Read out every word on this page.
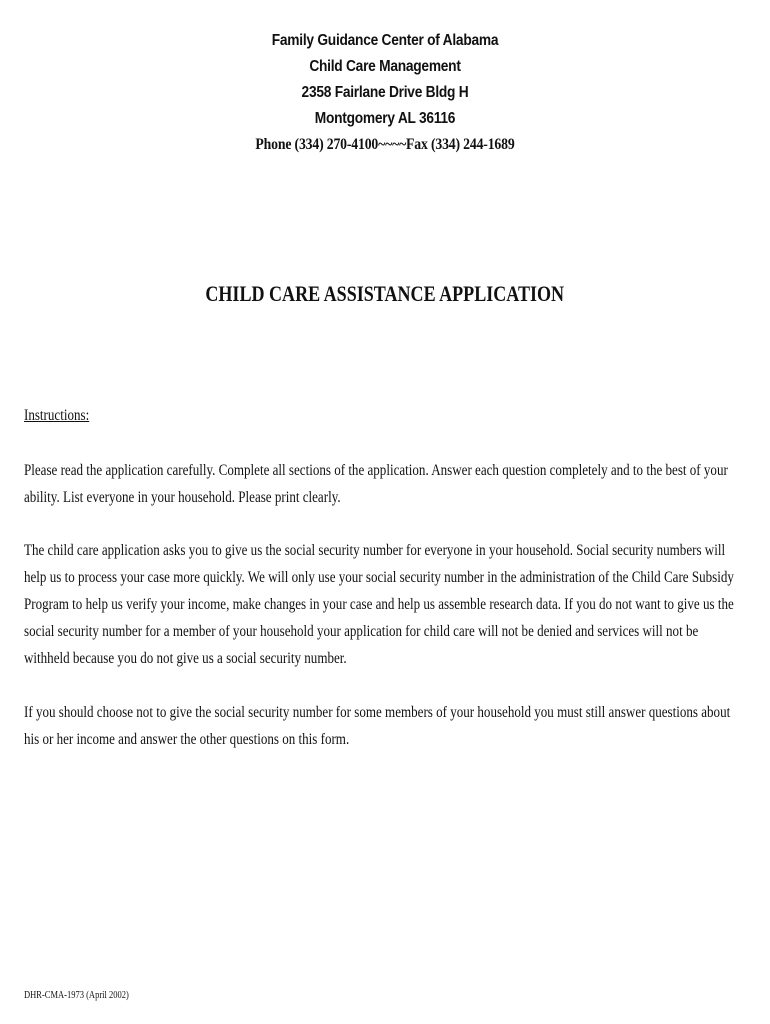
Family Guidance Center of Alabama
Child Care Management
2358 Fairlane Drive Bldg H
Montgomery AL 36116
Phone (334) 270-4100~~~~Fax (334) 244-1689
CHILD CARE ASSISTANCE APPLICATION
Instructions:

Please read the application carefully. Complete all sections of the application. Answer each question completely and to the best of your ability. List everyone in your household. Please print clearly.

The child care application asks you to give us the social security number for everyone in your household. Social security numbers will help us to process your case more quickly. We will only use your social security number in the administration of the Child Care Subsidy Program to help us verify your income, make changes in your case and help us assemble research data. If you do not want to give us the social security number for a member of your household your application for child care will not be denied and services will not be withheld because you do not give us a social security number.

If you should choose not to give the social security number for some members of your household you must still answer questions about his or her income and answer the other questions on this form.

DHR-CMA-1973 (April 2002)
